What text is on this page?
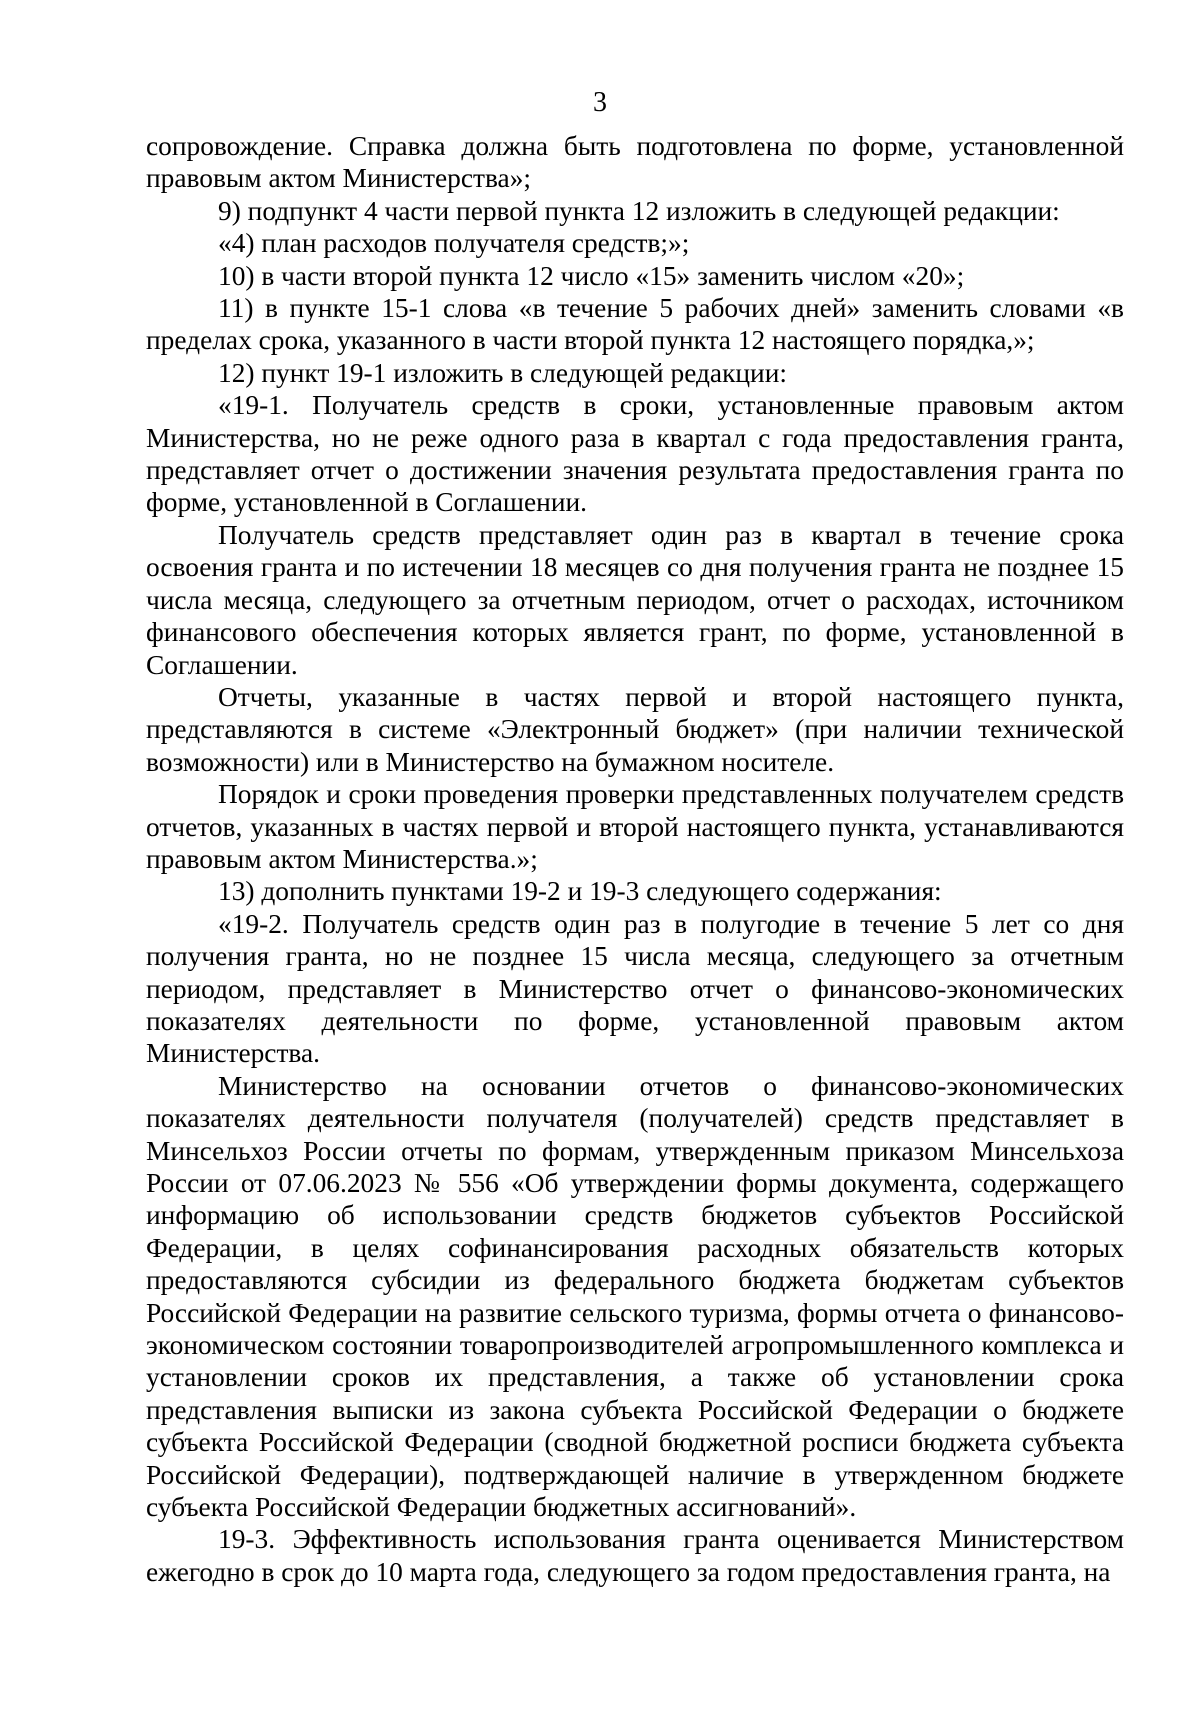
3

сопровождение. Справка должна быть подготовлена по форме, установленной правовым актом Министерства»;

9) подпункт 4 части первой пункта 12 изложить в следующей редакции:

«4) план расходов получателя средств;»;

10) в части второй пункта 12 число «15» заменить числом «20»;

11) в пункте 15-1 слова «в течение 5 рабочих дней» заменить словами «в пределах срока, указанного в части второй пункта 12 настоящего порядка,»;

12) пункт 19-1 изложить в следующей редакции:

«19-1. Получатель средств в сроки, установленные правовым актом Министерства, но не реже одного раза в квартал с года предоставления гранта, представляет отчет о достижении значения результата предоставления гранта по форме, установленной в Соглашении.

Получатель средств представляет один раз в квартал в течение срока освоения гранта и по истечении 18 месяцев со дня получения гранта не позднее 15 числа месяца, следующего за отчетным периодом, отчет о расходах, источником финансового обеспечения которых является грант, по форме, установленной в Соглашении.

Отчеты, указанные в частях первой и второй настоящего пункта, представляются в системе «Электронный бюджет» (при наличии технической возможности) или в Министерство на бумажном носителе.

Порядок и сроки проведения проверки представленных получателем средств отчетов, указанных в частях первой и второй настоящего пункта, устанавливаются правовым актом Министерства.»;

13) дополнить пунктами 19-2 и 19-3 следующего содержания:

«19-2. Получатель средств один раз в полугодие в течение 5 лет со дня получения гранта, но не позднее 15 числа месяца, следующего за отчетным периодом, представляет в Министерство отчет о финансово-экономических показателях деятельности по форме, установленной правовым актом Министерства.

Министерство на основании отчетов о финансово-экономических показателях деятельности получателя (получателей) средств представляет в Минсельхоз России отчеты по формам, утвержденным приказом Минсельхоза России от 07.06.2023 № 556 «Об утверждении формы документа, содержащего информацию об использовании средств бюджетов субъектов Российской Федерации, в целях софинансирования расходных обязательств которых предоставляются субсидии из федерального бюджета бюджетам субъектов Российской Федерации на развитие сельского туризма, формы отчета о финансово-экономическом состоянии товаропроизводителей агропромышленного комплекса и установлении сроков их представления, а также об установлении срока представления выписки из закона субъекта Российской Федерации о бюджете субъекта Российской Федерации (сводной бюджетной росписи бюджета субъекта Российской Федерации), подтверждающей наличие в утвержденном бюджете субъекта Российской Федерации бюджетных ассигнований».

19-3. Эффективность использования гранта оценивается Министерством ежегодно в срок до 10 марта года, следующего за годом предоставления гранта, на
